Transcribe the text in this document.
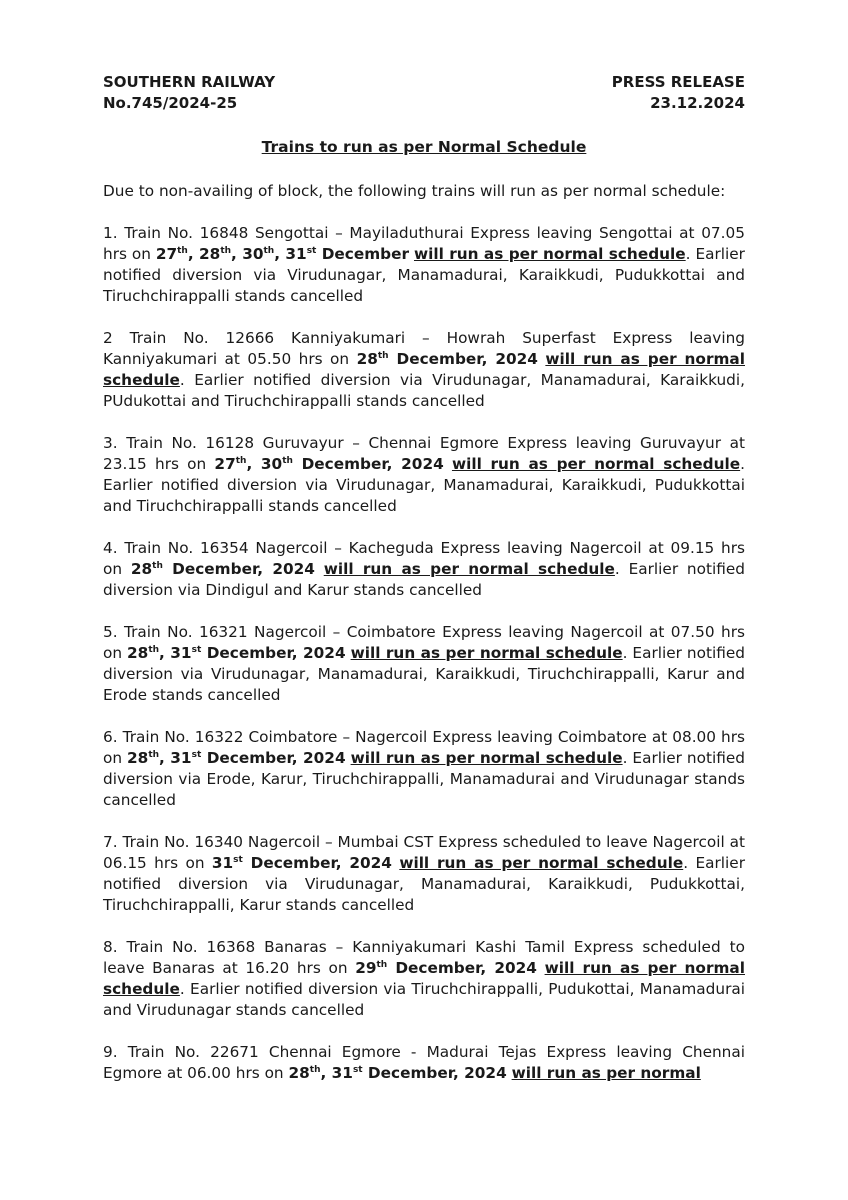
SOUTHERN RAILWAY
No.745/2024-25
PRESS RELEASE
23.12.2024
Trains to run as per Normal Schedule

Due to non-availing of block, the following trains will run as per normal schedule:

1. Train No. 16848 Sengottai – Mayiladuthurai Express leaving Sengottai at 07.05 hrs on 27th, 28th, 30th, 31st December will run as per normal schedule. Earlier notified diversion via Virudunagar, Manamadurai, Karaikkudi, Pudukkottai and Tiruchchirappalli stands cancelled

2 Train No. 12666 Kanniyakumari – Howrah Superfast Express leaving Kanniyakumari at 05.50 hrs on 28th December, 2024 will run as per normal schedule. Earlier notified diversion via Virudunagar, Manamadurai, Karaikkudi, PUdukottai and Tiruchchirappalli stands cancelled

3. Train No. 16128 Guruvayur – Chennai Egmore Express leaving Guruvayur at 23.15 hrs on 27th, 30th December, 2024 will run as per normal schedule. Earlier notified diversion via Virudunagar, Manamadurai, Karaikkudi, Pudukkottai and Tiruchchirappalli stands cancelled

4. Train No. 16354 Nagercoil – Kacheguda Express leaving Nagercoil at 09.15 hrs on 28th December, 2024 will run as per normal schedule. Earlier notified diversion via Dindigul and Karur stands cancelled

5. Train No. 16321 Nagercoil – Coimbatore Express leaving Nagercoil at 07.50 hrs on 28th, 31st December, 2024 will run as per normal schedule. Earlier notified diversion via Virudunagar, Manamadurai, Karaikkudi, Tiruchchirappalli, Karur and Erode stands cancelled

6. Train No. 16322 Coimbatore – Nagercoil Express leaving Coimbatore at 08.00 hrs on 28th, 31st December, 2024 will run as per normal schedule. Earlier notified diversion via Erode, Karur, Tiruchchirappalli, Manamadurai and Virudunagar stands cancelled

7. Train No. 16340 Nagercoil – Mumbai CST Express scheduled to leave Nagercoil at 06.15 hrs on 31st December, 2024 will run as per normal schedule. Earlier notified diversion via Virudunagar, Manamadurai, Karaikkudi, Pudukkottai, Tiruchchirappalli, Karur stands cancelled

8. Train No. 16368 Banaras – Kanniyakumari Kashi Tamil Express scheduled to leave Banaras at 16.20 hrs on 29th December, 2024 will run as per normal schedule. Earlier notified diversion via Tiruchchirappalli, Pudukottai, Manamadurai and Virudunagar stands cancelled

9. Train No. 22671 Chennai Egmore - Madurai Tejas Express leaving Chennai Egmore at 06.00 hrs on 28th, 31st December, 2024 will run as per normal
